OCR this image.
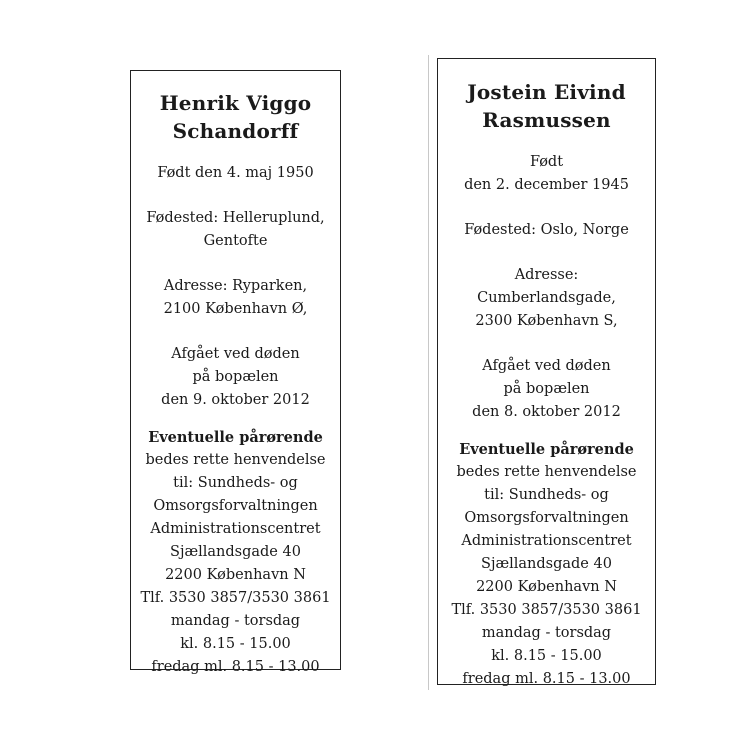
Henrik Viggo
Schandorff
Født den 4. maj 1950
Fødested: Helleruplund,
Gentofte
Adresse: Ryparken,
2100 København Ø,
Afgået ved døden
på bopælen
den 9. oktober 2012
Eventuelle pårørende
bedes rette henvendelse
til: Sundheds- og
Omsorgsforvaltningen
Administrationscentret
Sjællandsgade 40
2200 København N
Tlf. 3530 3857/3530 3861
mandag - torsdag
kl. 8.15 - 15.00
fredag ml. 8.15 - 13.00
Jostein Eivind
Rasmussen
Født
den 2. december 1945
Fødested: Oslo, Norge
Adresse:
Cumberlandsgade,
2300 København S,
Afgået ved døden
på bopælen
den 8. oktober 2012
Eventuelle pårørende
bedes rette henvendelse
til: Sundheds- og
Omsorgsforvaltningen
Administrationscentret
Sjællandsgade 40
2200 København N
Tlf. 3530 3857/3530 3861
mandag - torsdag
kl. 8.15 - 15.00
fredag ml. 8.15 - 13.00
